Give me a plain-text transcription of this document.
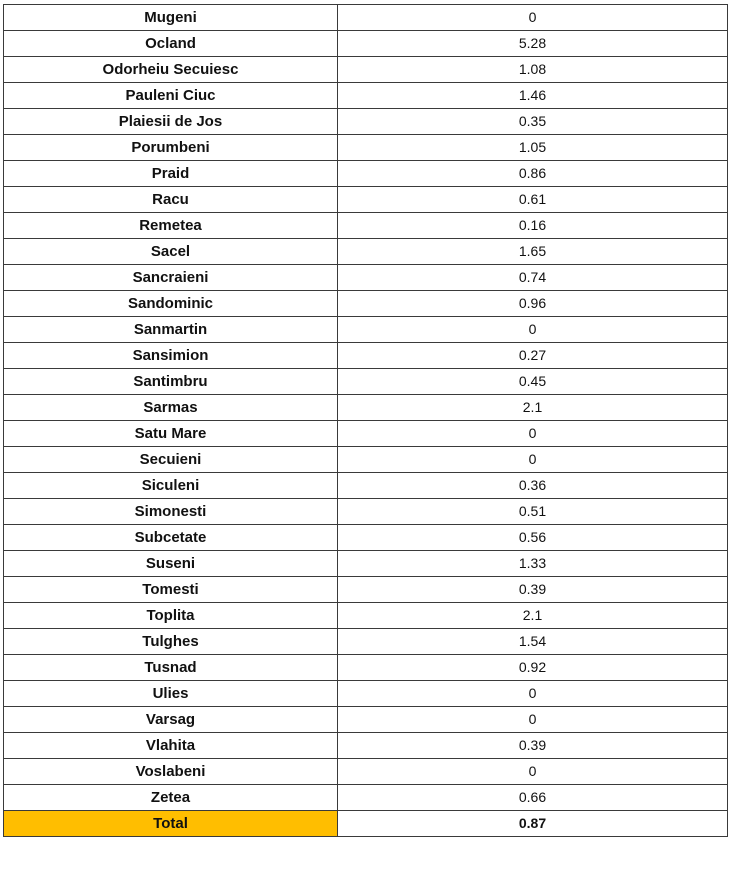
Mugeni	0
Ocland	5.28
Odorheiu Secuiesc	1.08
Pauleni Ciuc	1.46
Plaiesii de Jos	0.35
Porumbeni	1.05
Praid	0.86
Racu	0.61
Remetea	0.16
Sacel	1.65
Sancraieni	0.74
Sandominic	0.96
Sanmartin	0
Sansimion	0.27
Santimbru	0.45
Sarmas	2.1
Satu Mare	0
Secuieni	0
Siculeni	0.36
Simonesti	0.51
Subcetate	0.56
Suseni	1.33
Tomesti	0.39
Toplita	2.1
Tulghes	1.54
Tusnad	0.92
Ulies	0
Varsag	0
Vlahita	0.39
Voslabeni	0
Zetea	0.66
Total	0.87
